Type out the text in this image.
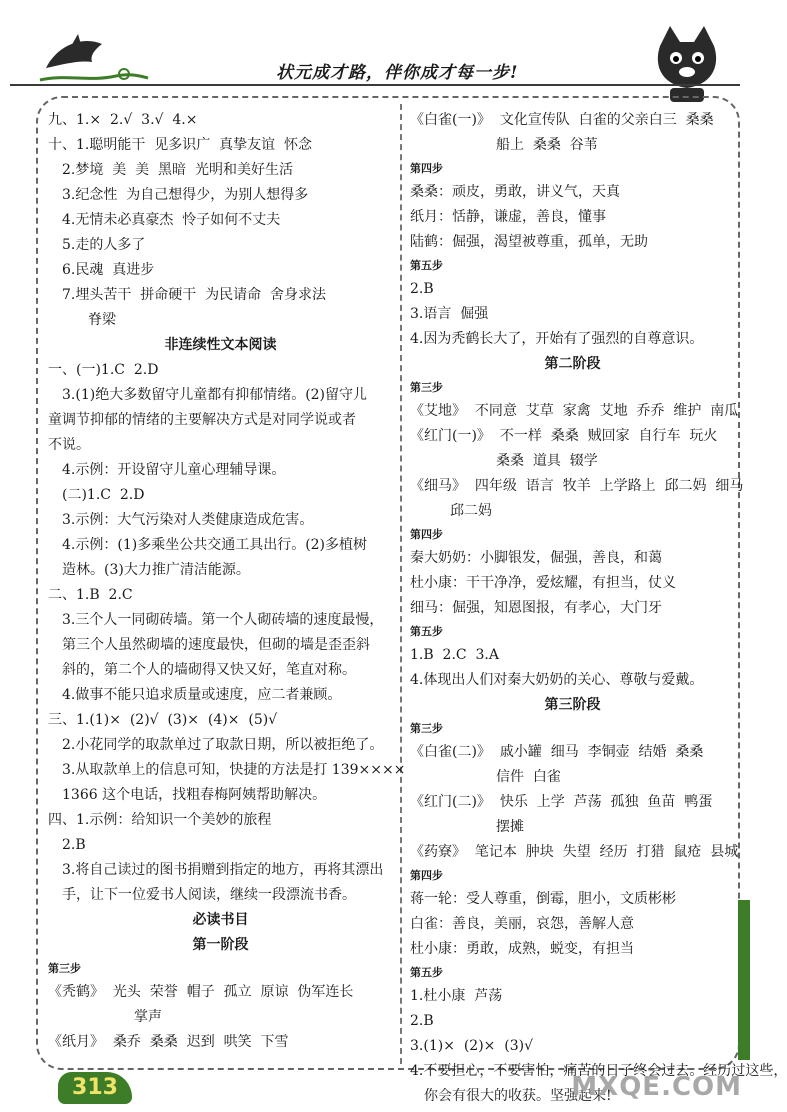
状元成才路，伴你成才每一步!
九、1.×  2.√  3.√  4.×
十、1.聪明能干  见多识广  真挚友谊  怀念
2.梦境  美  美  黑暗  光明和美好生活
3.纪念性  为自己想得少，为别人想得多
4.无情未必真豪杰  怜子如何不丈夫
5.走的人多了
6.民魂  真进步
7.埋头苦干  拼命硬干  为民请命  舍身求法
脊梁
非连续性文本阅读
一、(一)1.C  2.D
3.(1)绝大多数留守儿童都有抑郁情绪。(2)留守儿
童调节抑郁的情绪的主要解决方式是对同学说或者
不说。
4.示例：开设留守儿童心理辅导课。
(二)1.C  2.D
3.示例：大气污染对人类健康造成危害。
4.示例：(1)多乘坐公共交通工具出行。(2)多植树
造林。(3)大力推广清洁能源。
二、1.B  2.C
3.三个人一同砌砖墙。第一个人砌砖墙的速度最慢，
第三个人虽然砌墙的速度最快，但砌的墙是歪歪斜
斜的，第二个人的墙砌得又快又好，笔直对称。
4.做事不能只追求质量或速度，应二者兼顾。
三、1.(1)×  (2)√  (3)×  (4)×  (5)√
2.小花同学的取款单过了取款日期，所以被拒绝了。
3.从取款单上的信息可知，快捷的方法是打 139××××
1366 这个电话，找粗春梅阿姨帮助解决。
四、1.示例：给知识一个美妙的旅程
2.B
3.将自己读过的图书捐赠到指定的地方，再将其漂出
手，让下一位爱书人阅读，继续一段漂流书香。
必读书目
第一阶段
第三步
《秃鹤》  光头  荣誉  帽子  孤立  原谅  伪军连长
掌声
《纸月》  桑乔  桑桑  迟到  哄笑  下雪
《白雀(一)》  文化宣传队  白雀的父亲白三  桑桑
船上  桑桑  谷苇
第四步
桑桑：顽皮，勇敢，讲义气，天真
纸月：恬静，谦虚，善良，懂事
陆鹤：倔强，渴望被尊重，孤单，无助
第五步
2.B
3.语言  倔强
4.因为秃鹤长大了，开始有了强烈的自尊意识。
第二阶段
第三步
《艾地》  不同意  艾草  家禽  艾地  乔乔  维护  南瓜
《红门(一)》  不一样  桑桑  贼回家  自行车  玩火
桑桑  道具  辍学
《细马》  四年级  语言  牧羊  上学路上  邱二妈  细马
邱二妈
第四步
秦大奶奶：小脚银发，倔强，善良，和蔼
杜小康：干干净净，爱炫耀，有担当，仗义
细马：倔强，知恩图报，有孝心，大门牙
第五步
1.B  2.C  3.A
4.体现出人们对秦大奶奶的关心、尊敬与爱戴。
第三阶段
第三步
《白雀(二)》  戚小罐  细马  李铜壶  结婚  桑桑
信件  白雀
《红门(二)》  快乐  上学  芦荡  孤独  鱼苗  鸭蛋
摆摊
《药寮》  笔记本  肿块  失望  经历  打猎  鼠疮  县城
第四步
蒋一轮：受人尊重，倒霉，胆小，文质彬彬
白雀：善良，美丽，哀怨，善解人意
杜小康：勇敢，成熟，蜕变，有担当
第五步
1.杜小康  芦荡
2.B
3.(1)×  (2)×  (3)√
4.不要担心，不要害怕，痛苦的日子终会过去。经历过这些，
你会有很大的收获。坚强起来!
313	MXQE.COM
